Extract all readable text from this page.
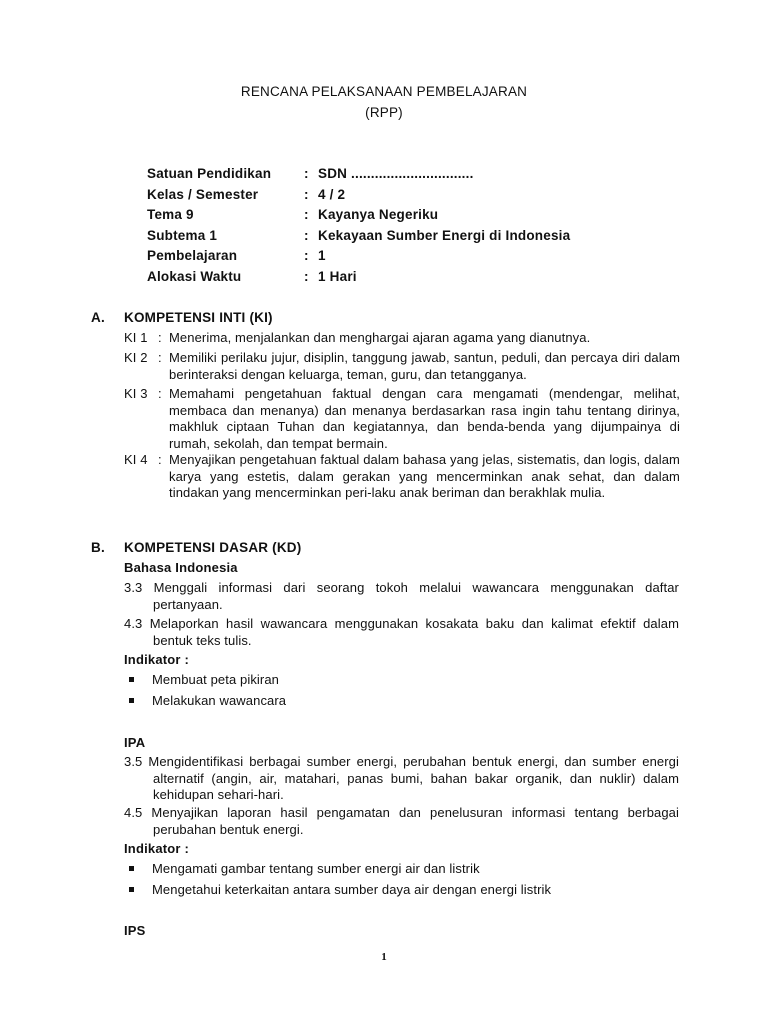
RENCANA PELAKSANAAN PEMBELAJARAN
(RPP)
Satuan Pendidikan : SDN ...............................
Kelas / Semester	: 4 / 2
Tema 9	: Kayanya Negeriku
Subtema 1	: Kekayaan Sumber Energi di Indonesia
Pembelajaran	: 1
Alokasi Waktu	: 1 Hari
A. KOMPETENSI INTI (KI)
KI 1 : Menerima, menjalankan dan menghargai ajaran agama yang dianutnya.
KI 2 : Memiliki perilaku jujur, disiplin, tanggung jawab, santun, peduli, dan percaya diri dalam berinteraksi dengan keluarga, teman, guru, dan tetangganya.
KI 3 : Memahami pengetahuan faktual dengan cara mengamati (mendengar, melihat, membaca dan menanya) dan menanya berdasarkan rasa ingin tahu tentang dirinya, makhluk ciptaan Tuhan dan kegiatannya, dan benda-benda yang dijumpainya di rumah, sekolah, dan tempat bermain.
KI 4 : Menyajikan pengetahuan faktual dalam bahasa yang jelas, sistematis, dan logis, dalam karya yang estetis, dalam gerakan yang mencerminkan anak sehat, dan dalam tindakan yang mencerminkan peri-laku anak beriman dan berakhlak mulia.
B. KOMPETENSI DASAR (KD)
Bahasa Indonesia
3.3 Menggali informasi dari seorang tokoh melalui wawancara menggunakan daftar pertanyaan.
4.3 Melaporkan hasil wawancara menggunakan kosakata baku dan kalimat efektif dalam bentuk teks tulis.
Indikator :
Membuat peta pikiran
Melakukan wawancara
IPA
3.5 Mengidentifikasi berbagai sumber energi, perubahan bentuk energi, dan sumber energi alternatif (angin, air, matahari, panas bumi, bahan bakar organik, dan nuklir) dalam kehidupan sehari-hari.
4.5 Menyajikan laporan hasil pengamatan dan penelusuran informasi tentang berbagai perubahan bentuk energi.
Indikator :
Mengamati gambar tentang sumber energi air dan listrik
Mengetahui keterkaitan antara sumber daya air dengan energi listrik
IPS
1
